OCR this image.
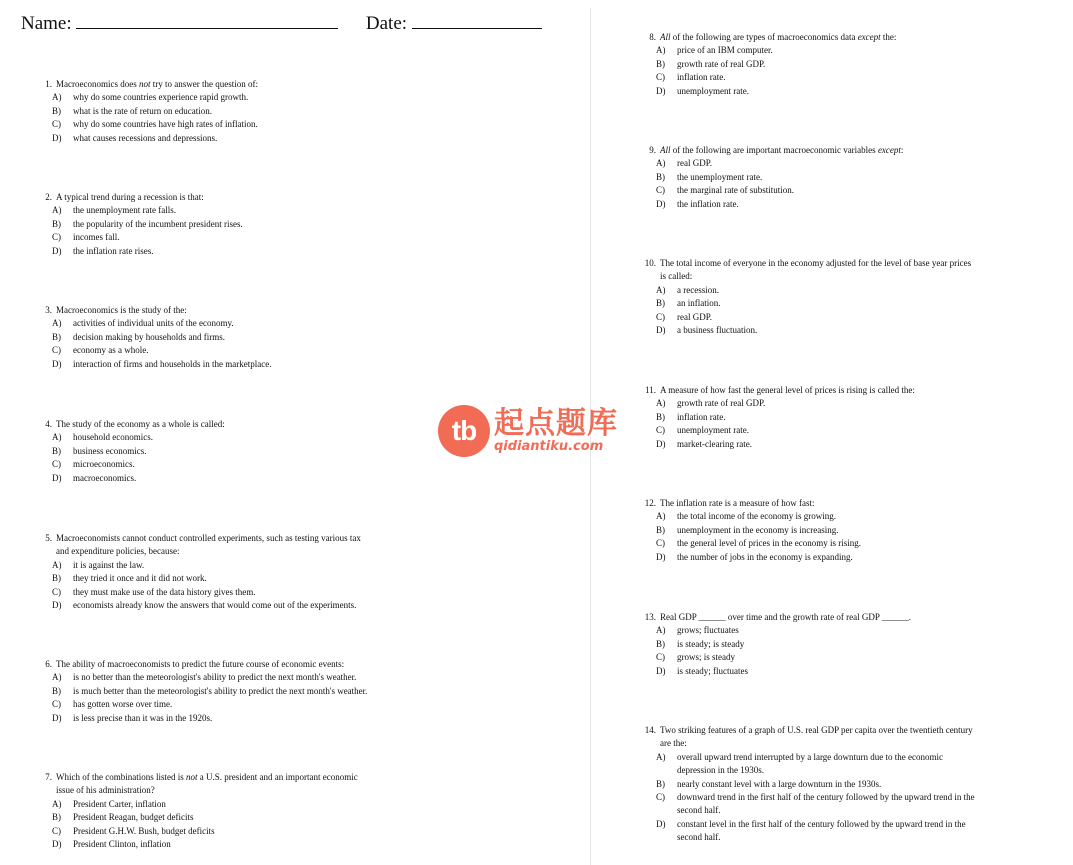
Name:	Date:
1. Macroeconomics does not try to answer the question of:
A)	why do some countries experience rapid growth.
B)	what is the rate of return on education.
C)	why do some countries have high rates of inflation.
D)	what causes recessions and depressions.
2. A typical trend during a recession is that:
A)	the unemployment rate falls.
B)	the popularity of the incumbent president rises.
C)	incomes fall.
D)	the inflation rate rises.
3. Macroeconomics is the study of the:
A)	activities of individual units of the economy.
B)	decision making by households and firms.
C)	economy as a whole.
D)	interaction of firms and households in the marketplace.
4. The study of the economy as a whole is called:
A)	household economics.
B)	business economics.
C)	microeconomics.
D)	macroeconomics.
5. Macroeconomists cannot conduct controlled experiments, such as testing various tax
and expenditure policies, because:
A)	it is against the law.
B)	they tried it once and it did not work.
C)	they must make use of the data history gives them.
D)	economists already know the answers that would come out of the experiments.
6. The ability of macroeconomists to predict the future course of economic events:
A)	is no better than the meteorologist's ability to predict the next month's weather.
B)	is much better than the meteorologist's ability to predict the next month's weather.
C)	has gotten worse over time.
D)	is less precise than it was in the 1920s.
7. Which of the combinations listed is not a U.S. president and an important economic
issue of his administration?
A)	President Carter, inflation
B)	President Reagan, budget deficits
C)	President G.H.W. Bush, budget deficits
D)	President Clinton, inflation
8. All of the following are types of macroeconomics data except the:
A)	price of an IBM computer.
B)	growth rate of real GDP.
C)	inflation rate.
D)	unemployment rate.
9. All of the following are important macroeconomic variables except:
A)	real GDP.
B)	the unemployment rate.
C)	the marginal rate of substitution.
D)	the inflation rate.
10. The total income of everyone in the economy adjusted for the level of base year prices
is called:
A)	a recession.
B)	an inflation.
C)	real GDP.
D)	a business fluctuation.
11. A measure of how fast the general level of prices is rising is called the:
A)	growth rate of real GDP.
B)	inflation rate.
C)	unemployment rate.
D)	market-clearing rate.
12. The inflation rate is a measure of how fast:
A)	the total income of the economy is growing.
B)	unemployment in the economy is increasing.
C)	the general level of prices in the economy is rising.
D)	the number of jobs in the economy is expanding.
13. Real GDP ______ over time and the growth rate of real GDP ______.
A)	grows; fluctuates
B)	is steady; is steady
C)	grows; is steady
D)	is steady; fluctuates
14. Two striking features of a graph of U.S. real GDP per capita over the twentieth century
are the:
A)	overall upward trend interrupted by a large downturn due to the economic
depression in the 1930s.
B)	nearly constant level with a large downturn in the 1930s.
C)	downward trend in the first half of the century followed by the upward trend in the
second half.
D)	constant level in the first half of the century followed by the upward trend in the
second half.
tb 起点题库
qidiantiku.com
